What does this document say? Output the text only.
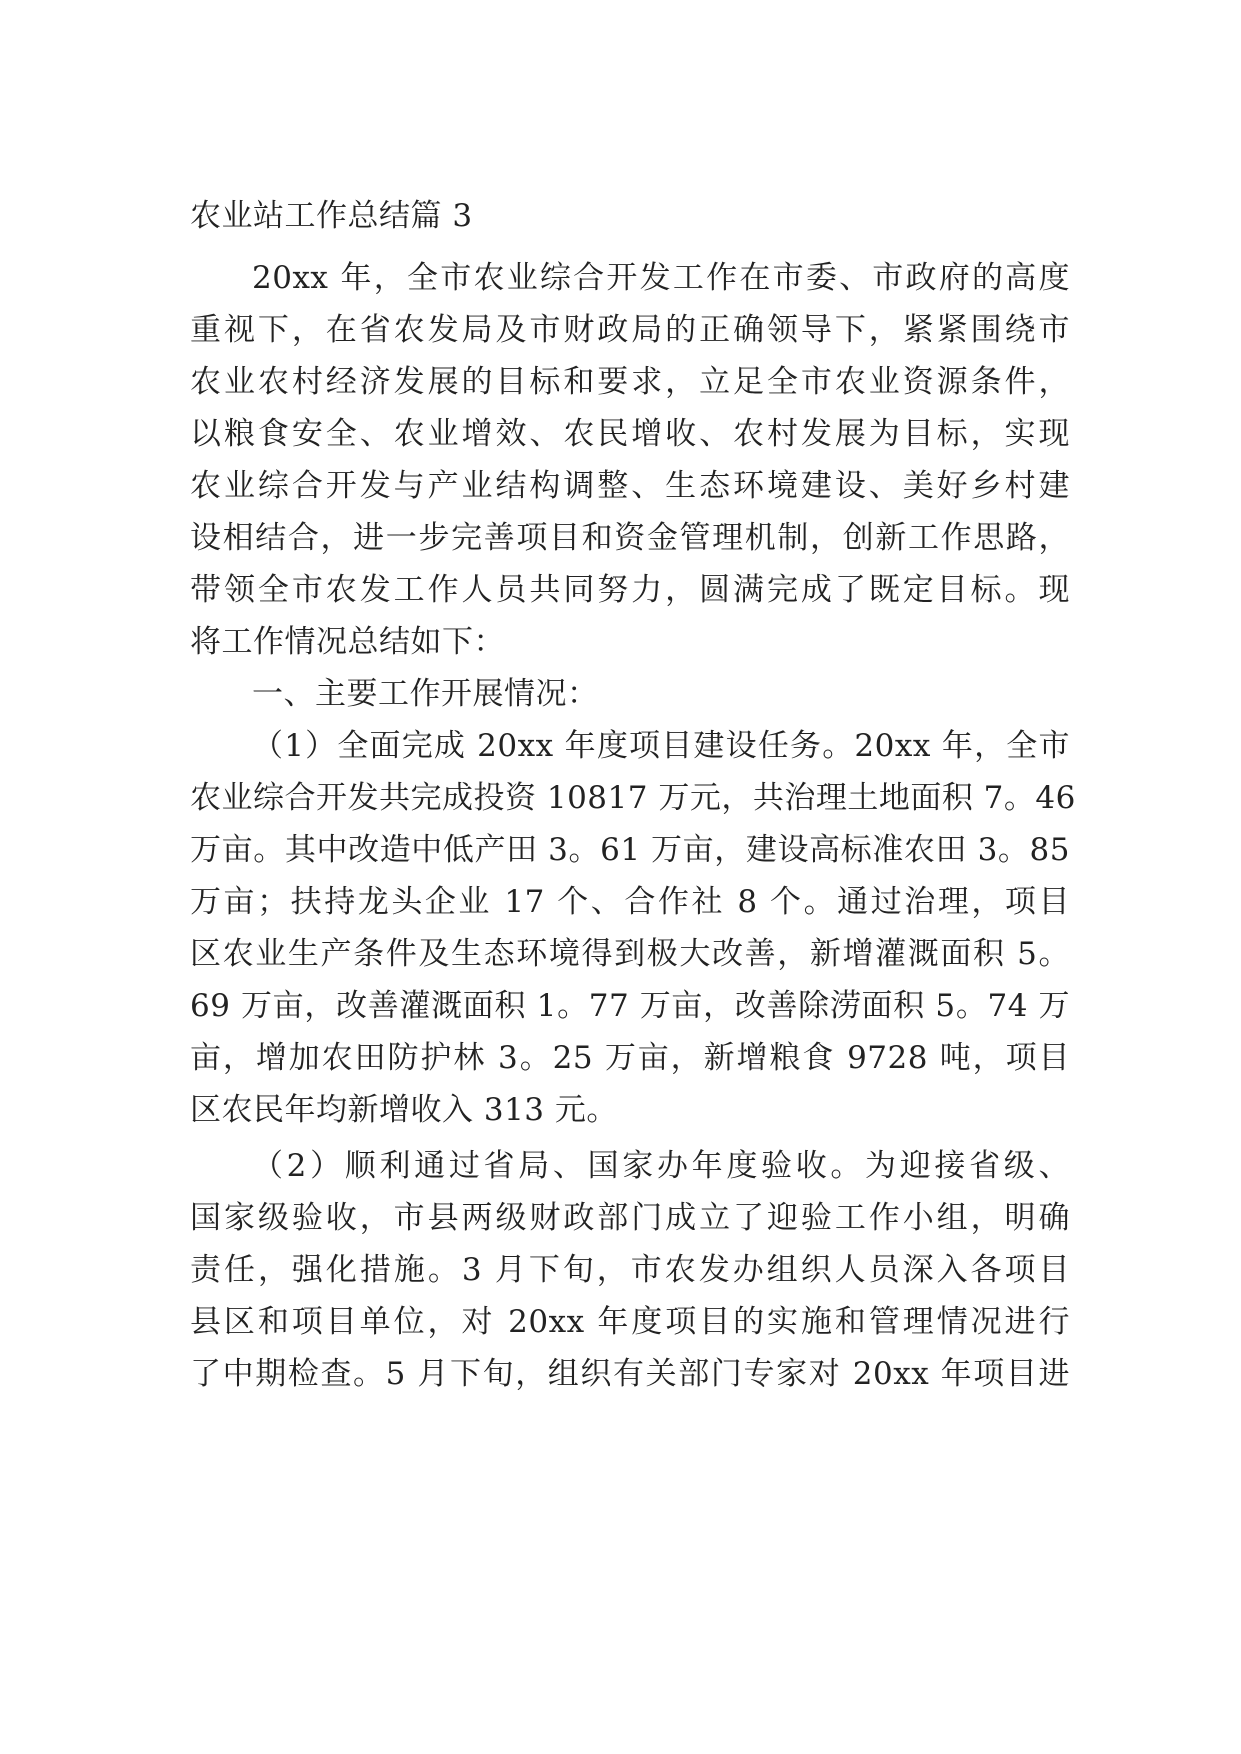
农业站工作总结篇 3
20xx 年，全市农业综合开发工作在市委、市政府的高度
重视下，在省农发局及市财政局的正确领导下，紧紧围绕市
农业农村经济发展的目标和要求，立足全市农业资源条件，
以粮食安全、农业增效、农民增收、农村发展为目标，实现
农业综合开发与产业结构调整、生态环境建设、美好乡村建
设相结合，进一步完善项目和资金管理机制，创新工作思路，
带领全市农发工作人员共同努力，圆满完成了既定目标。现
将工作情况总结如下：
一、主要工作开展情况：
（1）全面完成 20xx 年度项目建设任务。20xx 年，全市
农业综合开发共完成投资 10817 万元，共治理土地面积 7。46
万亩。其中改造中低产田 3。61 万亩，建设高标准农田 3。85
万亩；扶持龙头企业 17 个、合作社 8 个。通过治理，项目
区农业生产条件及生态环境得到极大改善，新增灌溉面积 5。
69 万亩，改善灌溉面积 1。77 万亩，改善除涝面积 5。74 万
亩，增加农田防护林 3。25 万亩，新增粮食 9728 吨，项目
区农民年均新增收入 313 元。
（2）顺利通过省局、国家办年度验收。为迎接省级、
国家级验收，市县两级财政部门成立了迎验工作小组，明确
责任，强化措施。3 月下旬，市农发办组织人员深入各项目
县区和项目单位，对 20xx 年度项目的实施和管理情况进行
了中期检查。5 月下旬，组织有关部门专家对 20xx 年项目进
